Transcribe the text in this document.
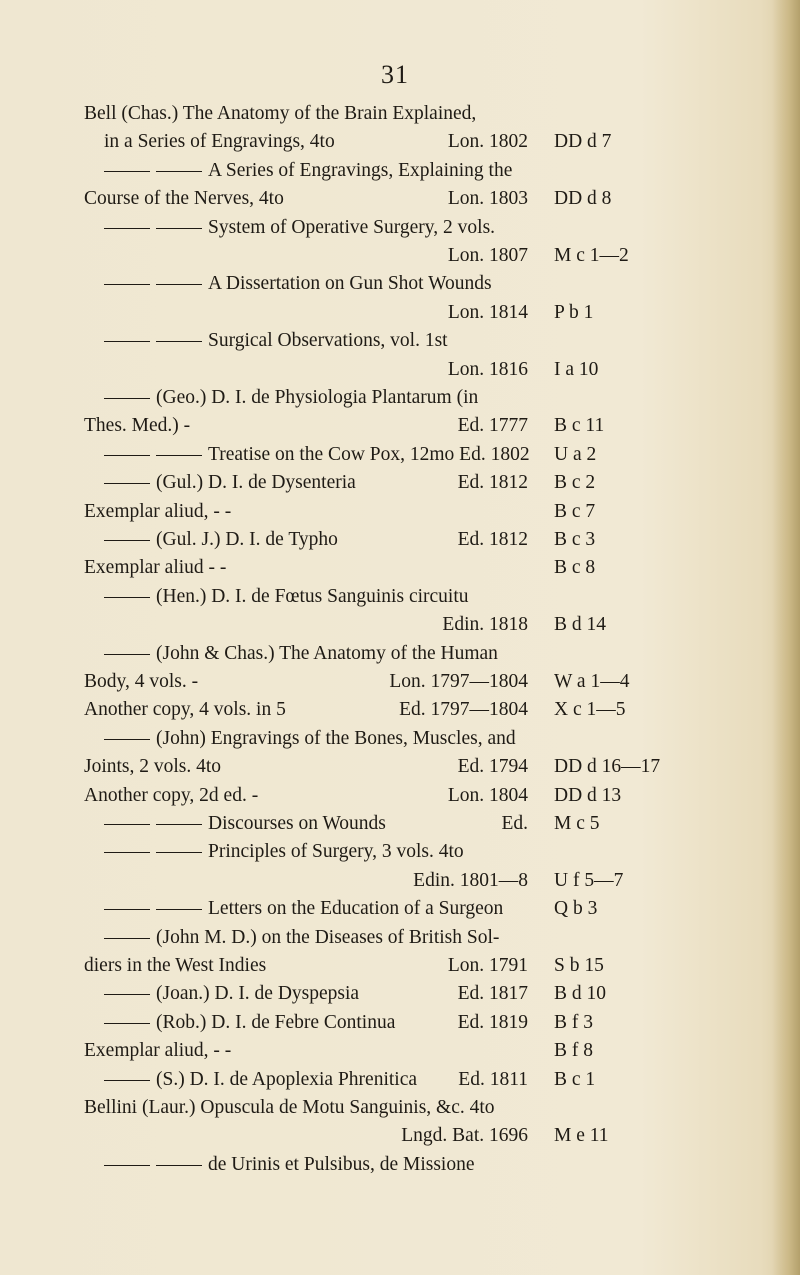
31
Bell (Chas.) The Anatomy of the Brain Explained,
in a Series of Engravings, 4to	Lon. 1802 DD d 7
A Series of Engravings, Explaining the
Course of the Nerves, 4to	Lon. 1803 DD d 8
System of Operative Surgery, 2 vols.
Lon. 1807 M c 1—2
A Dissertation on Gun Shot Wounds
Lon. 1814 P b 1
Surgical Observations, vol. 1st
Lon. 1816 I a 10
(Geo.) D. I. de Physiologia Plantarum (in
Thes. Med.) -	Ed. 1777 B c 11
Treatise on the Cow Pox, 12mo Ed. 1802 U a 2
(Gul.) D. I. de Dysenteria	Ed. 1812 B c 2
Exemplar aliud, - -	B c 7
(Gul. J.) D. I. de Typho	Ed. 1812 B c 3
Exemplar aliud - -	B c 8
(Hen.) D. I. de Fœtus Sanguinis circuitu
Edin. 1818 B d 14
(John & Chas.) The Anatomy of the Human
Body, 4 vols. -	Lon. 1797—1804 W a 1—4
Another copy, 4 vols. in 5	Ed. 1797—1804 X c 1—5
(John) Engravings of the Bones, Muscles, and
Joints, 2 vols. 4to	Ed. 1794 DD d 16—17
Another copy, 2d ed. -	Lon. 1804 DD d 13
Discourses on Wounds	Ed. M c 5
Principles of Surgery, 3 vols. 4to
Edin. 1801—8 U f 5—7
Letters on the Education of a Surgeon	Q b 3
(John M. D.) on the Diseases of British Sol-
diers in the West Indies	Lon. 1791 S b 15
(Joan.) D. I. de Dyspepsia	Ed. 1817 B d 10
(Rob.) D. I. de Febre Continua	Ed. 1819 B f 3
Exemplar aliud, - -	B f 8
(S.) D. I. de Apoplexia Phrenitica Ed. 1811 B c 1
Bellini (Laur.) Opuscula de Motu Sanguinis, &c. 4to
Lngd. Bat. 1696 M e 11
de Urinis et Pulsibus, de Missione
